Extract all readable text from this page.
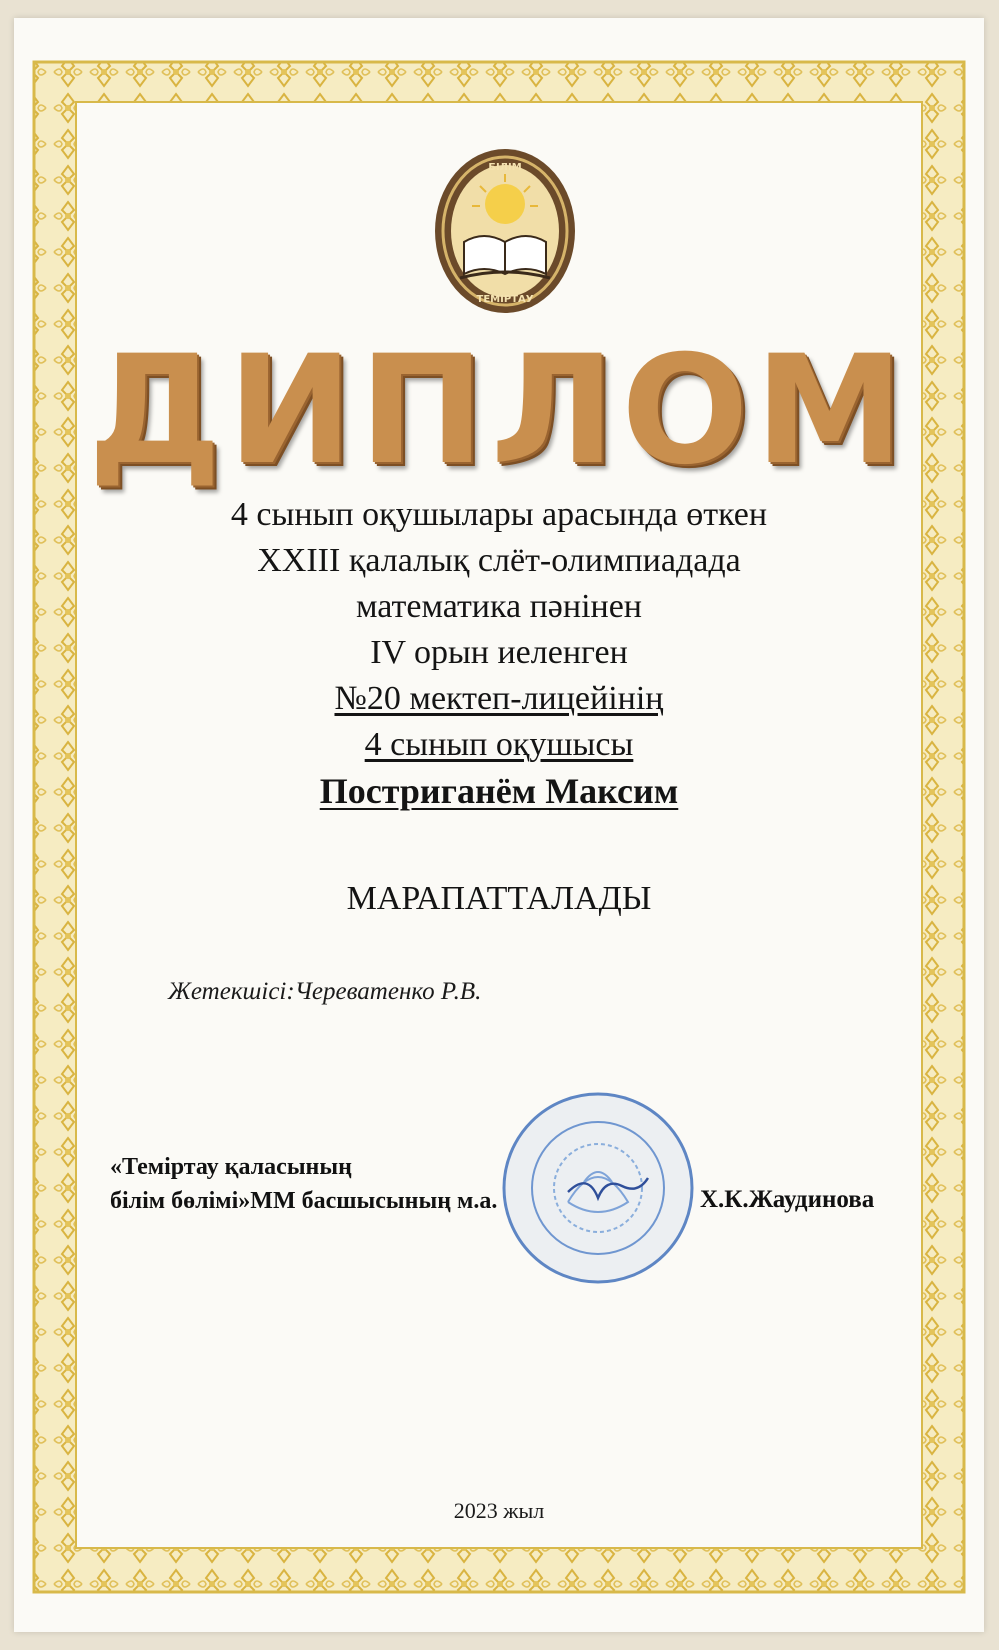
БІЛІМ
ТЕМІРТАУ
ДИПЛОМ
4 сынып оқушылары арасында өткен
XXIII қалалық слёт-олимпиадада
математика пәнінен
IV орын иеленген
№20 мектеп-лицейінің
4 сынып оқушысы
Постриганём Максим
МАРАПАТТАЛАДЫ
Жетекшісі:Череватенко Р.В.
«Теміртау қаласының
білім бөлімі»ММ басшысының м.а.	Х.К.Жаудинова
2023 жыл
